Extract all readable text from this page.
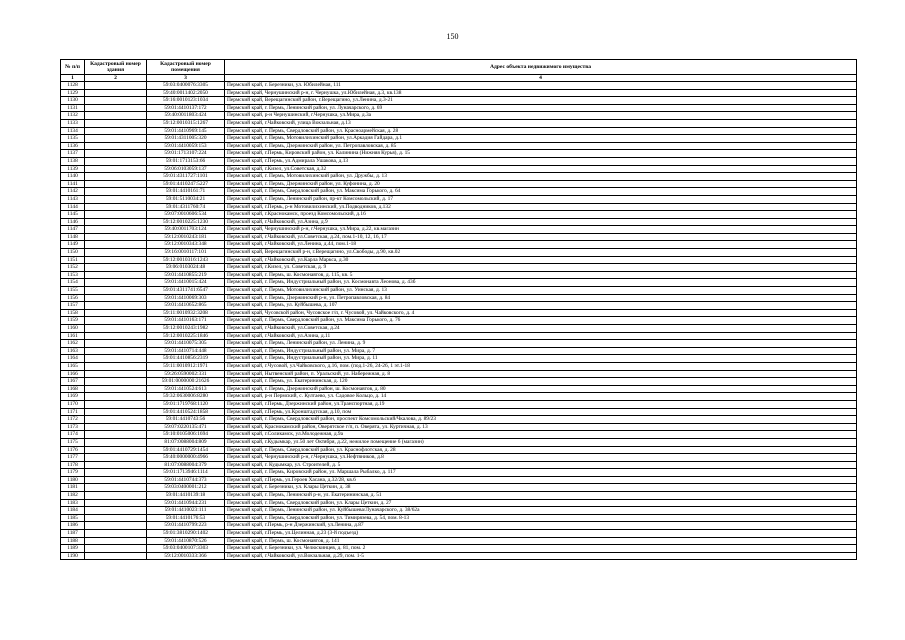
150
№ п/п	Кадастровый номер здания	Кадастровый номер помещения	Адрес объекта недвижимого имущества
1	2	3	4
1128		59:03:0400076:3305	Пермский край, г. Березники, ул. Юбилейная, 111
1129		59:40:0011402:2050	Пермский край, Чернушинский р-н, г. Чернушка, ул.Юбилейная, д.3, кв.138
1130		59:16:0010123:1034	Пермский край, Верещагинский район, г.Верещагино, ул.Ленина, д.3-21
1131		59:01:4410137:172	Пермский край, г. Пермь, Ленинский район, ул. Луначарского, д. 69
1132		59:40:0011803:424	Пермский край, р-н Чернушинский, г.Чернушка, ул.Мира, д.3а
1133		59:12:0010315:1267	Пермский край, г.Чайковский, улица Вокзальная, д.13
1134		59:01:4410969:145	Пермский край, г. Пермь, Свердловский район, ул. Красноармейская, д. 28
1135		59:01:4311005:320	Пермский край, г. Пермь, Мотовилихинский район, ул.Аркадия Гайдара, д.1
1136		59:01:4410059:153	Пермский край, г. Пермь, Дзержинский район, ул. Петропавловская, д. 85
1137		59:01:1713107:224	Пермский край, г.Пермь, Кировский район, ул. Калинина (Нижняя Курья), д. 15
1138		59:01:1713153:66	Пермский край, г.Пермь, ул.Адмирала Ушакова, д.13
1139		59:06:0103059:137	Пермский край, г.Кизел, ул.Советская, д.32
1140		59:01:4311727:1101	Пермский край, г. Пермь, Мотовилихинский район, ул. Дружбы, д. 13
1141		59:01:4410247:5227	Пермский край, г. Пермь, Дзержинский район, ул. Куфонина, д. 20
1142		59:01:4410161:71	Пермский край, г. Пермь, Свердловский район, ул. Максима Горького, д. 64
1143		59:01:5110034:21	Пермский край, г. Пермь, Ленинский район, пр-кт Комсомольский, д. 17
1144		59:01:4311760:74	Пермский край, г.Пермь, р-н Мотовилихинский, ул.Подводников, д.132
1145		59:07:0010606:534	Пермский край, г.Краснокамск, проезд Комсомольский, д.16
1146		59:12:0010225:1230	Пермский край, г.Чайковский, ул.Азина, д.9
1147		59:40:0011703:124	Пермский край, Чернушинский р-н, г.Чернушка, ул.Мира, д.22, кв.магазин
1148		59:12:0010243:181	Пермский край, г.Чайковский, ул.Советская, д.24, пом.1-10, 12, 16, 17
1149		59:12:0010343:348	Пермский край, г.Чайковский, ул.Ленина, д.44, пом.1-18
1150		59:16:0010117:101	Пермский край, Верещагинский р-н, г.Верещагино, ул.Свободы, д.90, кв.02
1151		59:12:0010316:1243	Пермский край, г.Чайковский, ул.Карла Маркса, д.30
1152		59:06:0103024:48	Пермский край, г.Кизел, ул. Советская, д. 9
1153		59:01:4410855:219	Пермский край, г. Пермь, ш. Космонавтов, д. 115, кв. 5
1154		59:01:4410015:424	Пермский край, г. Пермь, Индустриальный район, ул. Космонавта Леонова, д. 43б
1155		59:01:4311741:6547	Пермский край, г. Пермь, Мотовилихинский район, ул. Уинская, д. 13
1156		59:01:4410069:303	Пермский край, г. Пермь, Дзержинский р-н, ул. Петропавловская, д. 84
1157		59:01:4410652:865	Пермский край, г. Пермь, ул. Куйбышева, д. 107
1158		59:11:0010932:3208	Пермский край, Чусовской район, Чусовское г/п, г. Чусовой, ул. Чайковского, д. 4
1159		59:01:4410163:171	Пермский край, г. Пермь, Свердловский район, ул. Максима Горького, д. 76
1160		59:12:0010243:1982	Пермский край, г.Чайковский, ул.Советская, д.24
1161		59:12:0010225:1846	Пермский край, г.Чайковский, ул.Азина, д.11
1162		59:01:4410075:305	Пермский край, г. Пермь, Ленинский район, ул. Ленина, д. 9
1163		59:01:4410714:448	Пермский край, г. Пермь, Индустриальный район, ул. Мира, д. 7
1164		59:01:4410856:2319	Пермский край, г. Пермь, Индустриальный район, ул. Мира, д. 11
1165		59:11:0010912:1971	Пермский край, г.Чусовой, ул.Чайковского, д.16, пом. (под.1-26, 24-26, 1 эт.1-18
1166		59:26:0590002:331	Пермский край, Нытвенский район, п. Уральский, ул. Набережная, д. 8
1167		59:01:0000000:21626	Пермский край, г. Пермь, ул. Екатерининская, д. 120
1168		59:01:4410524:613	Пермский край, г. Пермь, Дзержинский район, ш. Космонавтов, д. 80
1169		59:32:0630006:8280	Пермский край, р-н Пермский, с. Култаево, ул. Садовое Кольцо, д. 14
1170		59:01:1719768:1120	Пермский край, г.Пермь, Дзержинский район, ул.Транспортная, д.19
1171		59:01:4410524:1858	Пермский край, г.Пермь, ул.Кронштадтская, д.10, пом
1172		59:01:4410743:56	Пермский край, г. Пермь, Свердловский район, проспект Комсомольский/Чкалова, д. 89/23
1173		59:07:0220135:471	Пермский край, Краснокамский район, Оверятское г/п, п. Оверята, ул. Куртичная, д. 13
1174		59:10:0105006:1694	Пермский край, г.Соликамск, ул.Молодежная, д.9а
1175		81:07:0088004:809	Пермский край, г.Кудымкар, ул.50 лет Октября, д.22, нежилое помещение 6 (магазин)
1176		59:01:4410729:1454	Пермский край, г. Пермь, Свердловский район, ул. Краснофлотская, д. 28
1177		59:40:0000000:4966	Пермский край, Чернушинский р-н, г.Чернушка, ул.Нефтяников, д.8
1178		81:07:0088004:379	Пермский край, г. Кудымкар, ул. Строителей, д. 5
1179		59:01:1713946:1114	Пермский край, г. Пермь, Кировский район, ул. Маршала Рыбалко, д. 117
1180		59:01:4410744:373	Пермский край, г.Пермь, ул.Героев Хасана, д.32/28, кв.6
1181		59:03:0400001:212	Пермский край, г. Березники, ул. Клары Цеткин, д. 38
1182		59:01:4410139:18	Пермский край, г. Пермь, Ленинский р-н, ул. Екатерининская, д. 51
1183		59:01:4410944:231	Пермский край, г. Пермь, Свердловский район, ул. Клары Цеткин, д. 27
1184		59:01:4410023:111	Пермский край, г. Пермь, Ленинский район, ул. Куйбышева/Луначарского, д. 38/62а
1185		59:01:4410176:53	Пермский край, г. Пермь, Свердловский район, ул. Тимирязева, д. 54, пом. 8-13
1186		59:01:4410799:223	Пермский край, г.Пермь, р-н Дзержинский, ул.Ленина, д.87
1187		59:01:3810290:1402	Пермский край, г.Пермь, ул.Целинная, д.23 (3-й подъезд)
1188		59:01:4410870:526	Пермский край, г. Пермь, ш. Космонавтов, д. 141
1189		59:03:0400107:3303	Пермский край, г. Березники, ул. Челюскинцев, д. 81, пом. 2
1190		59:12:0010333:366	Пермский край, г.Чайковский, ул.Вокзальная, д.29, пом. 1-5
